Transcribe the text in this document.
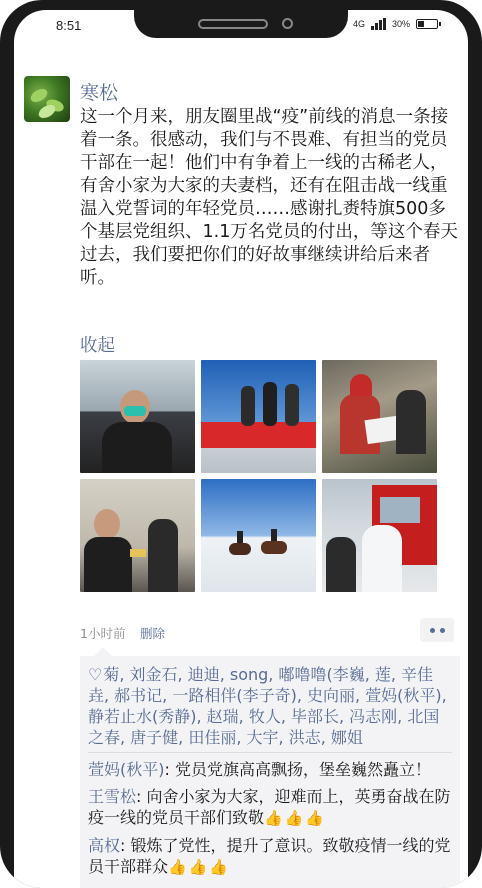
8:51	4G	30%
寒松
这一个月来，朋友圈里战“疫”前线的消息一条接着一条。很感动，我们与不畏难、有担当的党员干部在一起！他们中有争着上一线的古稀老人，有舍小家为大家的夫妻档，还有在阻击战一线重温入党誓词的年轻党员……感谢扎赉特旗500多个基层党组织、1.1万名党员的付出，等这个春天过去，我们要把你们的好故事继续讲给后来者听。
收起
1小时前 删除
♡菊, 刘金石, 迪迪, song, 嘟噜噜(李巍, 莲, 辛佳垚, 郝书记, 一路相伴(李子奇), 史向丽, 萱妈(秋平), 静若止水(秀静), 赵瑞, 牧人, 毕部长, 冯志刚, 北国之春, 唐子健, 田佳丽, 大宇, 洪志, 娜姐
萱妈(秋平): 党员党旗高高飘扬，堡垒巍然矗立！
王雪松: 向舍小家为大家，迎难而上，英勇奋战在防疫一线的党员干部们致敬 👍 👍 👍
高权: 锻炼了党性，提升了意识。致敬疫情一线的党员干部群众 👍 👍 👍
